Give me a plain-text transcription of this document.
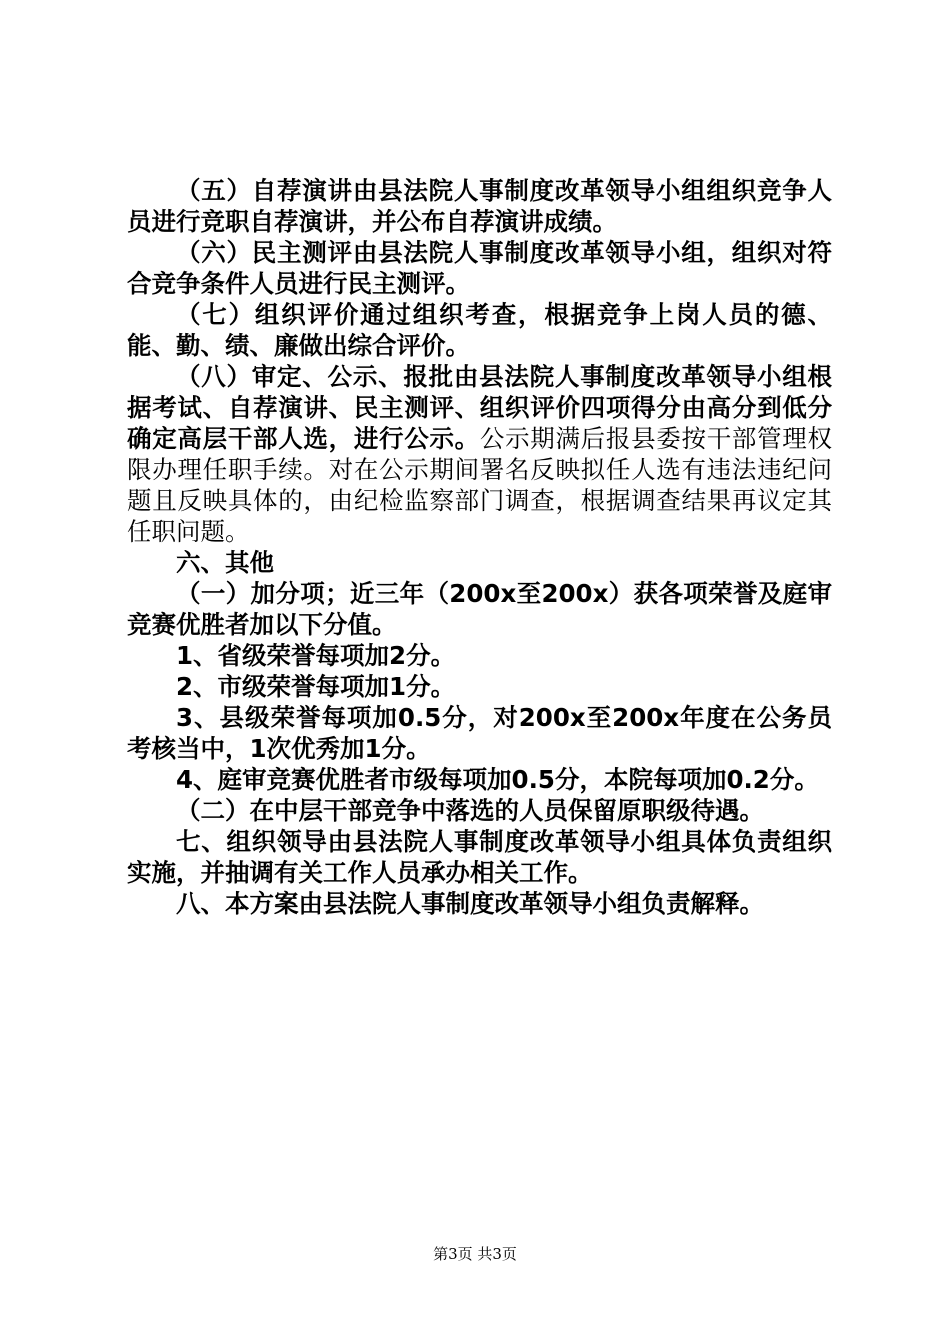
（五）自荐演讲由县法院人事制度改革领导小组组织竞争人员进行竞职自荐演讲，并公布自荐演讲成绩。

（六）民主测评由县法院人事制度改革领导小组，组织对符合竞争条件人员进行民主测评。

（七）组织评价通过组织考查，根据竞争上岗人员的德、能、勤、绩、廉做出综合评价。

（八）审定、公示、报批由县法院人事制度改革领导小组根据考试、自荐演讲、民主测评、组织评价四项得分由高分到低分确定高层干部人选，进行公示。公示期满后报县委按干部管理权限办理任职手续。对在公示期间署名反映拟任人选有违法违纪问题且反映具体的，由纪检监察部门调查，根据调查结果再议定其任职问题。

六、其他

（一）加分项；近三年（200x至200x）获各项荣誉及庭审竞赛优胜者加以下分值。

1、省级荣誉每项加2分。

2、市级荣誉每项加1分。

3、县级荣誉每项加0.5分，对200x至200x年度在公务员考核当中，1次优秀加1分。

4、庭审竞赛优胜者市级每项加0.5分，本院每项加0.2分。

（二）在中层干部竞争中落选的人员保留原职级待遇。

七、组织领导由县法院人事制度改革领导小组具体负责组织实施，并抽调有关工作人员承办相关工作。

八、本方案由县法院人事制度改革领导小组负责解释。

第3页 共3页
